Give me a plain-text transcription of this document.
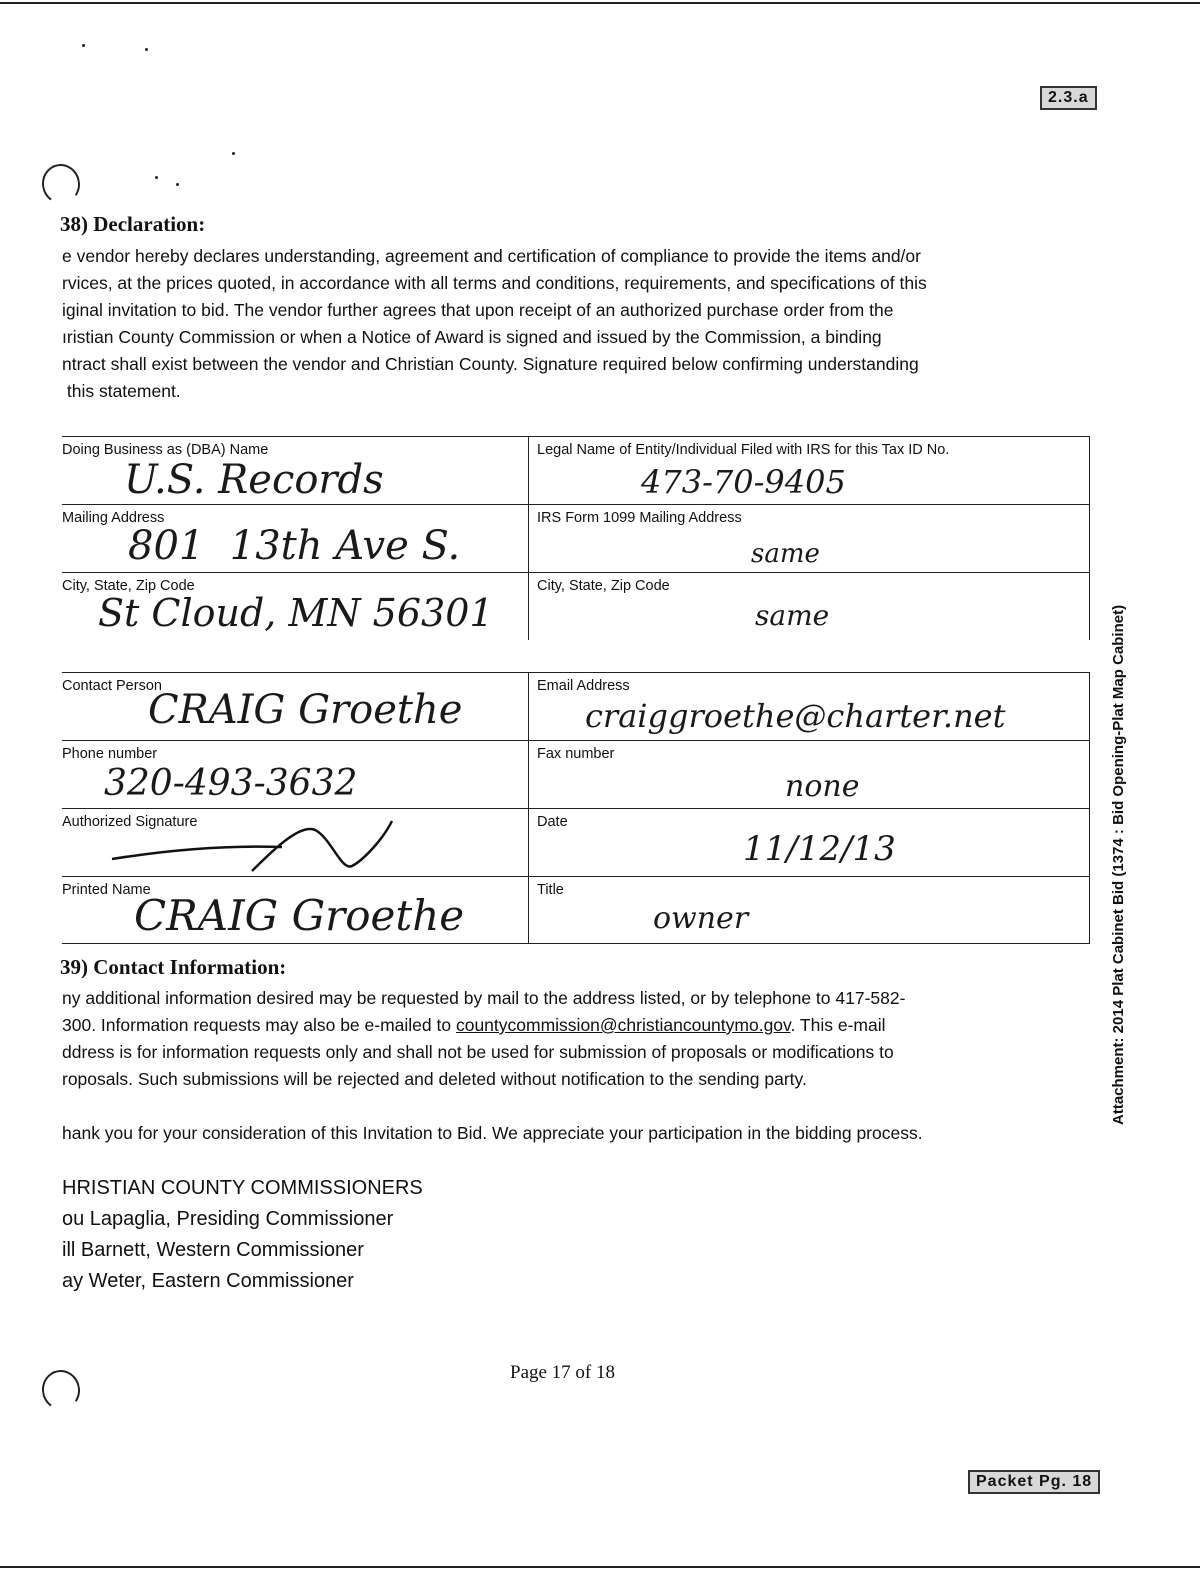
2.3.a
38) Declaration:
e vendor hereby declares understanding, agreement and certification of compliance to provide the items and/or
rvices, at the prices quoted, in accordance with all terms and conditions, requirements, and specifications of this
iginal invitation to bid. The vendor further agrees that upon receipt of an authorized purchase order from the
ıristian County Commission or when a Notice of Award is signed and issued by the Commission, a binding
ntract shall exist between the vendor and Christian County. Signature required below confirming understanding
this statement.
Doing Business as (DBA) Name
U.S. Records
Legal Name of Entity/Individual Filed with IRS for this Tax ID No.
473-70-9405
Mailing Address
801  13th Ave S.
IRS Form 1099 Mailing Address
same
City, State, Zip Code
St Cloud, MN 56301
City, State, Zip Code
same
Contact Person
CRAIG Groethe
Email Address
craiggroethe@charter.net
Phone number
320-493-3632
Fax number
none
Authorized Signature	Date
11/12/13
Printed Name
CRAIG Groethe
Title
owner
39) Contact Information:
ny additional information desired may be requested by mail to the address listed, or by telephone to 417-582-
300. Information requests may also be e-mailed to countycommission@christiancountymo.gov. This e-mail
ddress is for information requests only and shall not be used for submission of proposals or modifications to
roposals. Such submissions will be rejected and deleted without notification to the sending party.
hank you for your consideration of this Invitation to Bid. We appreciate your participation in the bidding process.
HRISTIAN COUNTY COMMISSIONERS
ou Lapaglia, Presiding Commissioner
ill Barnett, Western Commissioner
ay Weter, Eastern Commissioner
Page 17 of 18
Attachment: 2014 Plat Cabinet Bid (1374 : Bid Opening-Plat Map Cabinet)
Packet Pg. 18
